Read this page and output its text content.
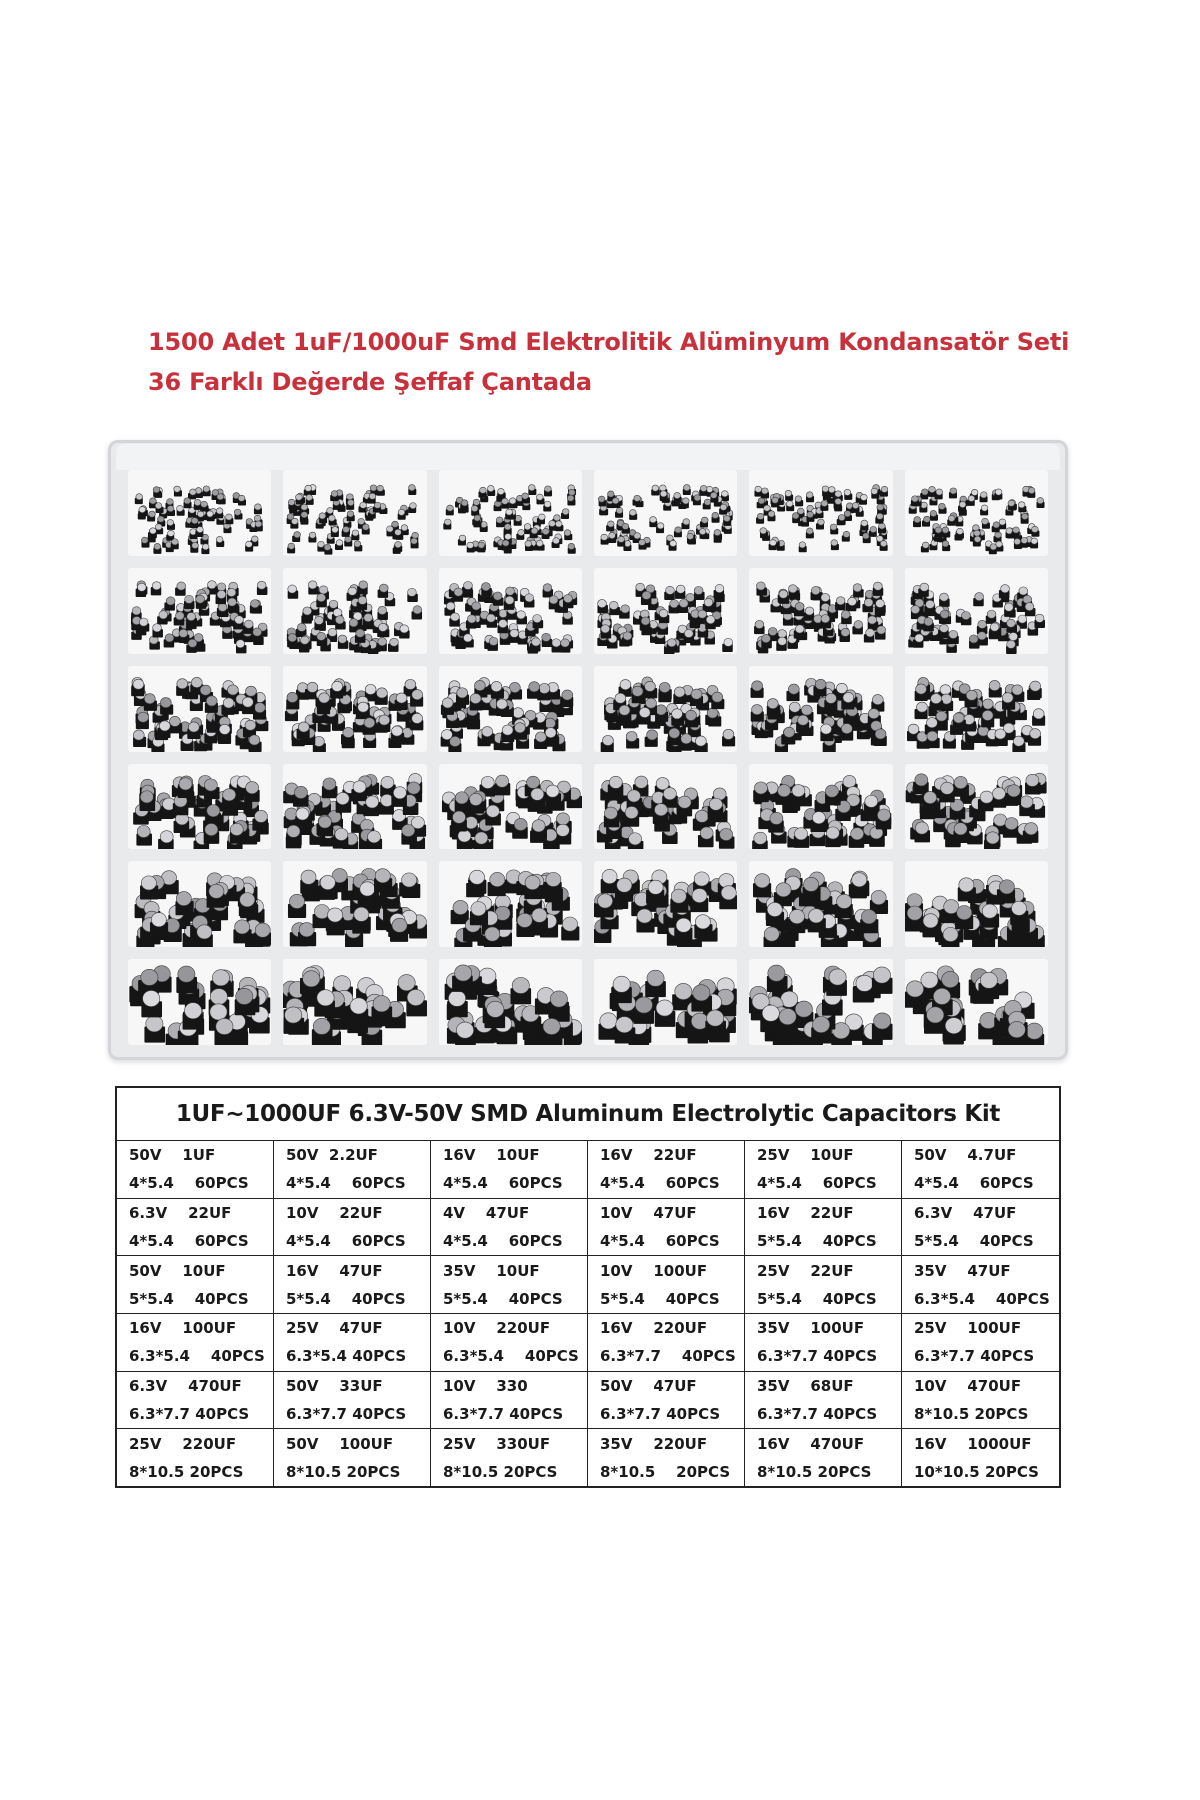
1500 Adet 1uF/1000uF Smd Elektrolitik Alüminyum Kondansatör Seti
36 Farklı Değerde Şeffaf Çantada
1UF~1000UF 6.3V-50V SMD Aluminum Electrolytic Capacitors Kit
50V    1UF
4*5.4    60PCS
50V  2.2UF
4*5.4    60PCS
16V    10UF
4*5.4    60PCS
16V    22UF
4*5.4    60PCS
25V    10UF
4*5.4    60PCS
50V    4.7UF
4*5.4    60PCS
6.3V    22UF
4*5.4    60PCS
10V    22UF
4*5.4    60PCS
4V    47UF
4*5.4    60PCS
10V    47UF
4*5.4    60PCS
16V    22UF
5*5.4    40PCS
6.3V    47UF
5*5.4    40PCS
50V    10UF
5*5.4    40PCS
16V    47UF
5*5.4    40PCS
35V    10UF
5*5.4    40PCS
10V    100UF
5*5.4    40PCS
25V    22UF
5*5.4    40PCS
35V    47UF
6.3*5.4    40PCS
16V    100UF
6.3*5.4    40PCS
25V    47UF
6.3*5.4 40PCS
10V    220UF
6.3*5.4    40PCS
16V    220UF
6.3*7.7    40PCS
35V    100UF
6.3*7.7 40PCS
25V    100UF
6.3*7.7 40PCS
6.3V    470UF
6.3*7.7 40PCS
50V    33UF
6.3*7.7 40PCS
10V    330
6.3*7.7 40PCS
50V    47UF
6.3*7.7 40PCS
35V    68UF
6.3*7.7 40PCS
10V    470UF
8*10.5 20PCS
25V    220UF
8*10.5 20PCS
50V    100UF
8*10.5 20PCS
25V    330UF
8*10.5 20PCS
35V    220UF
8*10.5    20PCS
16V    470UF
8*10.5 20PCS
16V    1000UF
10*10.5 20PCS
